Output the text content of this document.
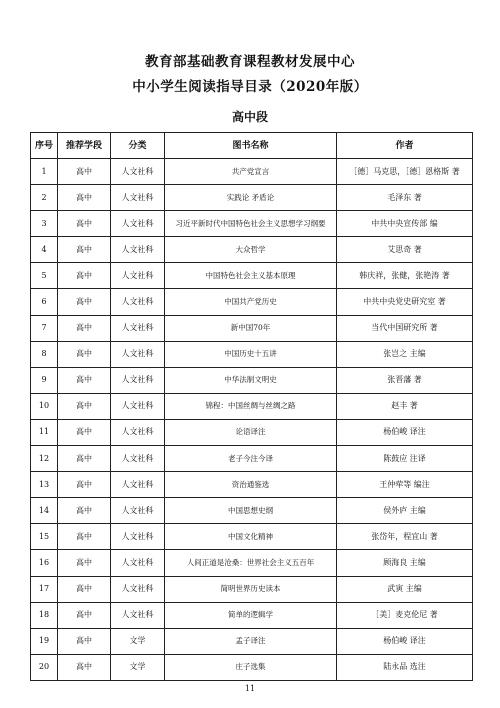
教育部基础教育课程教材发展中心
中小学生阅读指导目录（2020年版）
高中段
序号	推荐学段	分类	图书名称	作者
1	高中	人文社科	共产党宣言	［德］马克思，［德］恩格斯 著
2	高中	人文社科	实践论 矛盾论	毛泽东 著
3	高中	人文社科	习近平新时代中国特色社会主义思想学习纲要	中共中央宣传部 编
4	高中	人文社科	大众哲学	艾思奇 著
5	高中	人文社科	中国特色社会主义基本原理	韩庆祥，张健，张艳涛 著
6	高中	人文社科	中国共产党历史	中共中央党史研究室 著
7	高中	人文社科	新中国70年	当代中国研究所 著
8	高中	人文社科	中国历史十五讲	张岂之 主编
9	高中	人文社科	中华法制文明史	张晋藩 著
10	高中	人文社科	锦程：中国丝绸与丝绸之路	赵丰 著
11	高中	人文社科	论语译注	杨伯峻 译注
12	高中	人文社科	老子今注今译	陈鼓应 注译
13	高中	人文社科	资治通鉴选	王仲荦等 编注
14	高中	人文社科	中国思想史纲	侯外庐 主编
15	高中	人文社科	中国文化精神	张岱年，程宜山 著
16	高中	人文社科	人间正道是沧桑：世界社会主义五百年	顾海良 主编
17	高中	人文社科	简明世界历史读本	武寅 主编
18	高中	人文社科	简单的逻辑学	［美］麦克伦尼 著
19	高中	文学	孟子译注	杨伯峻 译注
20	高中	文学	庄子选集	陆永品 选注
11
